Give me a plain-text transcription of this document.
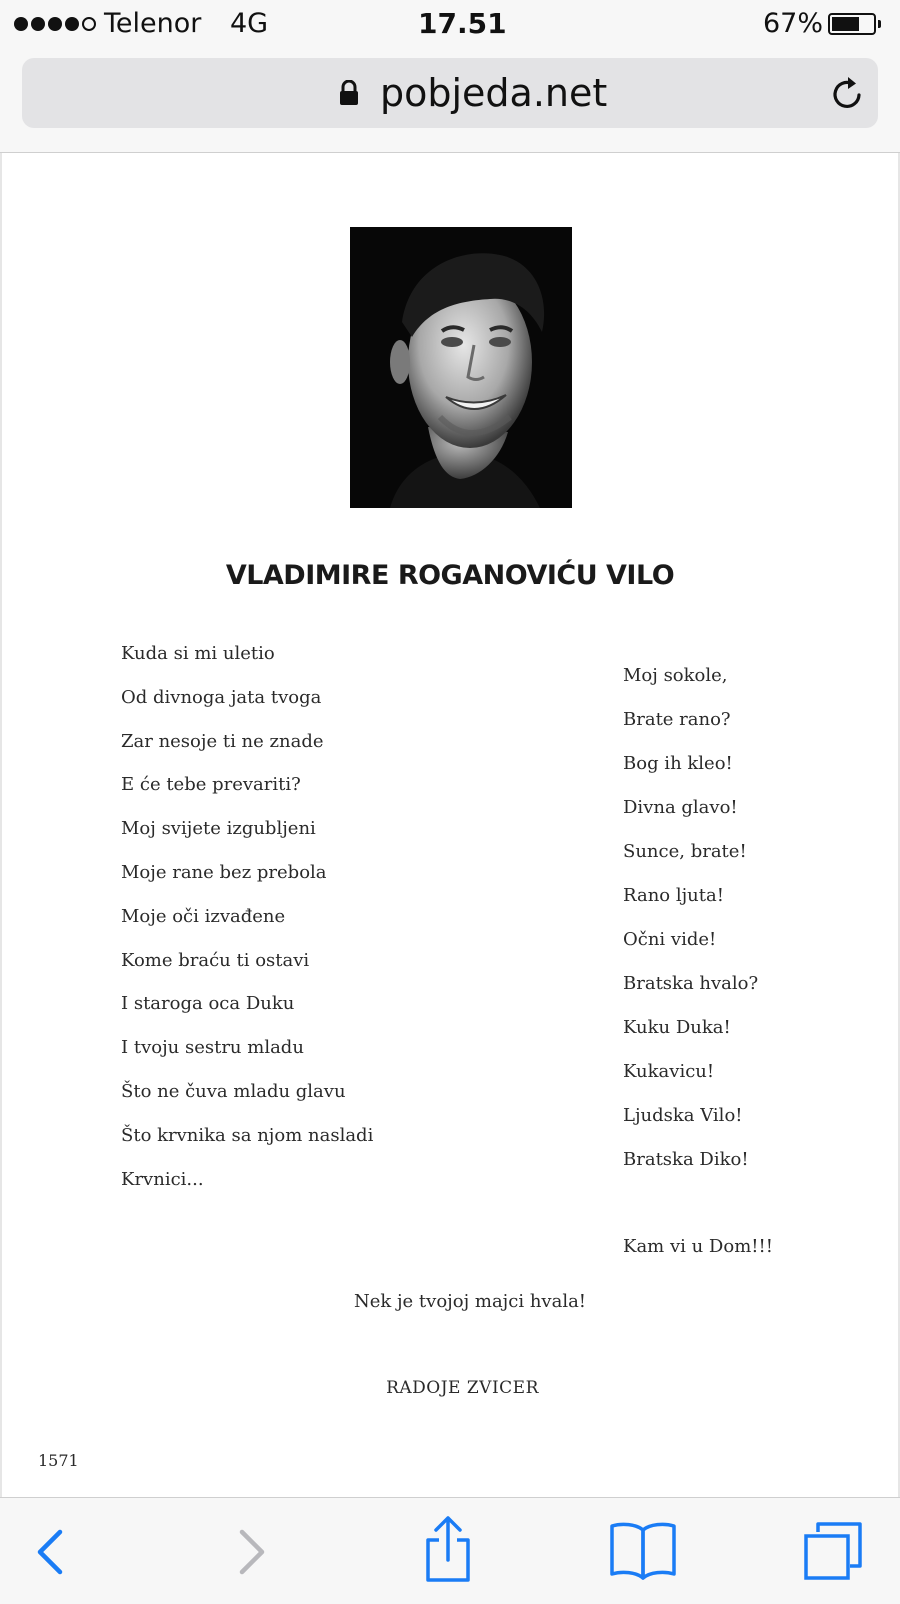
Telenor 4G	17.51	67%
pobjeda.net
VLADIMIRE ROGANOVIĆU VILO
Kuda si mi uletio
Od divnoga jata tvoga
Zar nesoje ti ne znade
E će tebe prevariti?
Moj svijete izgubljeni
Moje rane bez prebola
Moje oči izvađene
Kome braću ti ostavi
I staroga oca Duku
I tvoju sestru mladu
Što ne čuva mladu glavu
Što krvnika sa njom nasladi
Krvnici...
Moj sokole,
Brate rano?
Bog ih kleo!
Divna glavo!
Sunce, brate!
Rano ljuta!
Očni vide!
Bratska hvalo?
Kuku Duka!
Kukavicu!
Ljudska Vilo!
Bratska Diko!
Kam vi u Dom!!!
Nek je tvojoj majci hvala!
RADOJE ZVICER
1571
